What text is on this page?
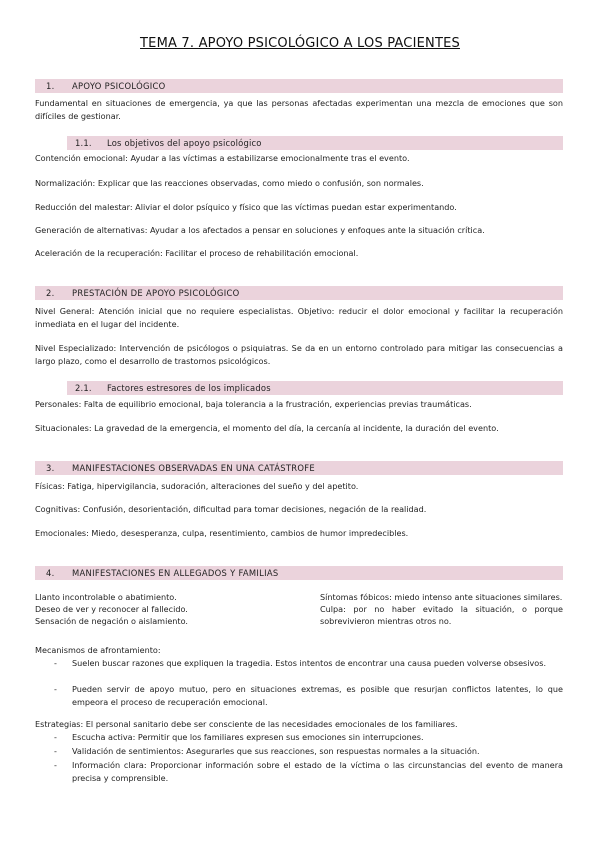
TEMA 7. APOYO PSICOLÓGICO A LOS PACIENTES
1. APOYO PSICOLÓGICO
Fundamental en situaciones de emergencia, ya que las personas afectadas experimentan una mezcla de emociones que son difíciles de gestionar.
1.1. Los objetivos del apoyo psicológico
Contención emocional: Ayudar a las víctimas a estabilizarse emocionalmente tras el evento.
Normalización: Explicar que las reacciones observadas, como miedo o confusión, son normales.
Reducción del malestar: Aliviar el dolor psíquico y físico que las víctimas puedan estar experimentando.
Generación de alternativas: Ayudar a los afectados a pensar en soluciones y enfoques ante la situación crítica.
Aceleración de la recuperación: Facilitar el proceso de rehabilitación emocional.
2. PRESTACIÓN DE APOYO PSICOLÓGICO
Nivel General: Atención inicial que no requiere especialistas. Objetivo: reducir el dolor emocional y facilitar la recuperación inmediata en el lugar del incidente.
Nivel Especializado: Intervención de psicólogos o psiquiatras. Se da en un entorno controlado para mitigar las consecuencias a largo plazo, como el desarrollo de trastornos psicológicos.
2.1. Factores estresores de los implicados
Personales: Falta de equilibrio emocional, baja tolerancia a la frustración, experiencias previas traumáticas.
Situacionales: La gravedad de la emergencia, el momento del día, la cercanía al incidente, la duración del evento.
3. MANIFESTACIONES OBSERVADAS EN UNA CATÁSTROFE
Físicas: Fatiga, hipervigilancia, sudoración, alteraciones del sueño y del apetito.
Cognitivas: Confusión, desorientación, dificultad para tomar decisiones, negación de la realidad.
Emocionales: Miedo, desesperanza, culpa, resentimiento, cambios de humor impredecibles.
4. MANIFESTACIONES EN ALLEGADOS Y FAMILIAS
Llanto incontrolable o abatimiento.
Deseo de ver y reconocer al fallecido.
Sensación de negación o aislamiento.
Síntomas fóbicos: miedo intenso ante situaciones similares.
Culpa: por no haber evitado la situación, o porque sobrevivieron mientras otros no.
Mecanismos de afrontamiento:
- Suelen buscar razones que expliquen la tragedia. Estos intentos de encontrar una causa pueden volverse obsesivos.
- Pueden servir de apoyo mutuo, pero en situaciones extremas, es posible que resurjan conflictos latentes, lo que empeora el proceso de recuperación emocional.
Estrategias: El personal sanitario debe ser consciente de las necesidades emocionales de los familiares.
- Escucha activa: Permitir que los familiares expresen sus emociones sin interrupciones.
- Validación de sentimientos: Asegurarles que sus reacciones, son respuestas normales a la situación.
- Información clara: Proporcionar información sobre el estado de la víctima o las circunstancias del evento de manera precisa y comprensible.
